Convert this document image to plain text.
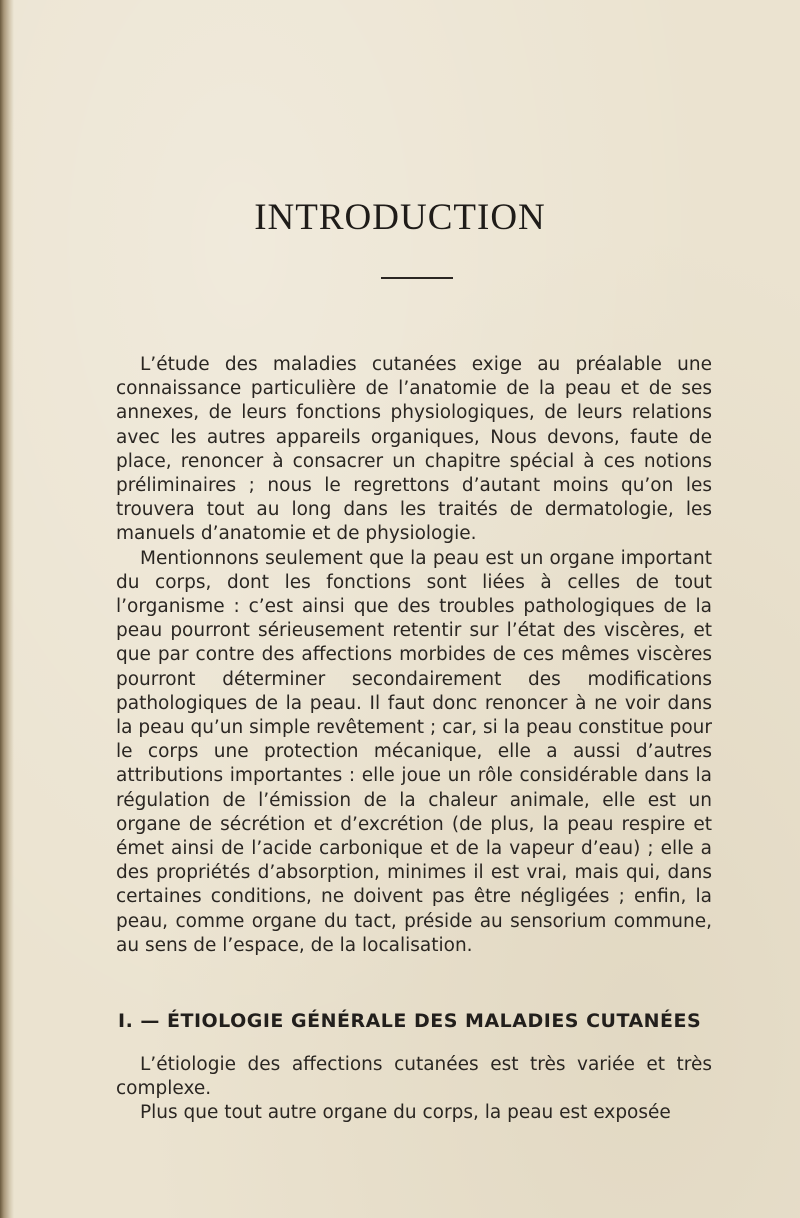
INTRODUCTION

L’étude des maladies cutanées exige au préalable une connaissance particulière de l’anatomie de la peau et de ses annexes, de leurs fonctions physiologiques, de leurs relations avec les autres appareils organiques, Nous devons, faute de place, renoncer à consacrer un chapitre spécial à ces notions préliminaires ; nous le regrettons d’autant moins qu’on les trouvera tout au long dans les traités de dermatologie, les manuels d’anatomie et de physiologie.

Mentionnons seulement que la peau est un organe important du corps, dont les fonctions sont liées à celles de tout l’organisme : c’est ainsi que des troubles pathologiques de la peau pourront sérieusement retentir sur l’état des viscères, et que par contre des affections morbides de ces mêmes viscères pourront déterminer secondairement des modifications pathologiques de la peau. Il faut donc renoncer à ne voir dans la peau qu’un simple revêtement ; car, si la peau constitue pour le corps une protection mécanique, elle a aussi d’autres attributions importantes : elle joue un rôle considérable dans la régulation de l’émission de la chaleur animale, elle est un organe de sécrétion et d’excrétion (de plus, la peau respire et émet ainsi de l’acide carbonique et de la vapeur d’eau) ; elle a des propriétés d’absorption, minimes il est vrai, mais qui, dans certaines conditions, ne doivent pas être négligées ; enfin, la peau, comme organe du tact, préside au sensorium commune, au sens de l’espace, de la localisation.

I. — ÉTIOLOGIE GÉNÉRALE DES MALADIES CUTANÉES

L’étiologie des affections cutanées est très variée et très complexe.

Plus que tout autre organe du corps, la peau est exposée
